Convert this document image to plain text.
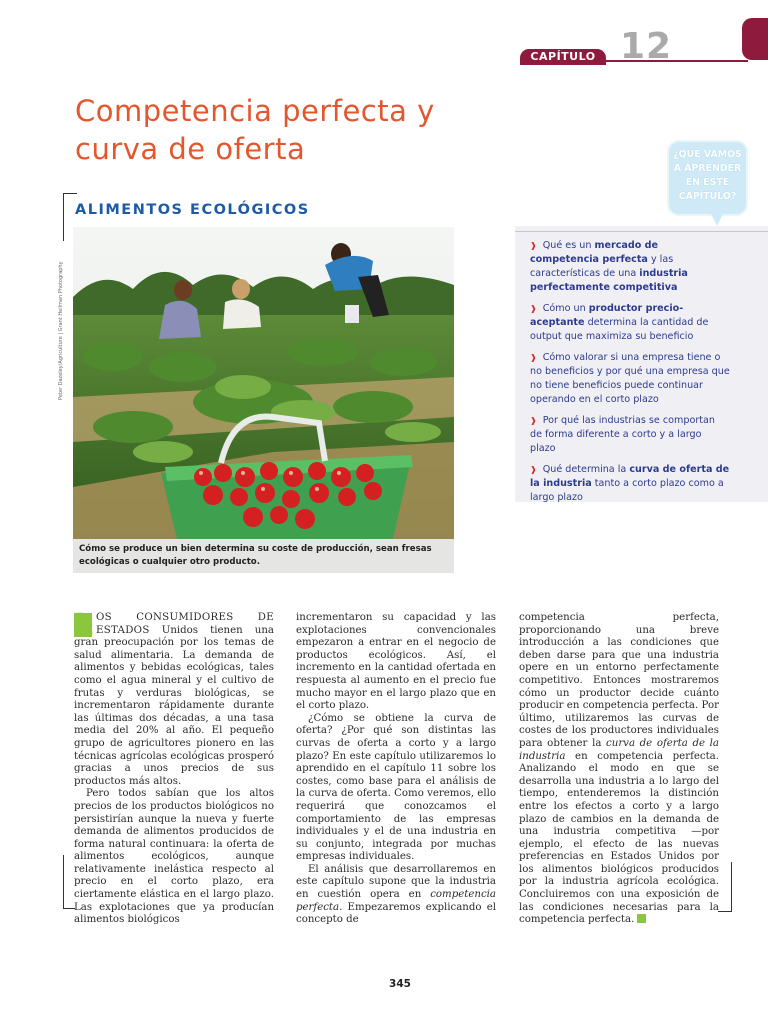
CAPÍTULO 12
Competencia perfecta y
curva de oferta
ALIMENTOS ECOLÓGICOS
Peter Dazeley/Agriculture | Grant Heilman Photography
Cómo se produce un bien determina su coste de producción, sean fresas ecológicas o cualquier otro producto.
¿QUÉ VAMOS
A APRENDER
EN ESTE
CAPÍTULO?
❱ Qué es un mercado de competencia perfecta y las características de una industria perfectamente competitiva
❱ Cómo un productor precio-aceptante determina la cantidad de output que maximiza su beneficio
❱ Cómo valorar si una empresa tiene o no beneficios y por qué una empresa que no tiene beneficios puede continuar operando en el corto plazo
❱ Por qué las industrias se comportan de forma diferente a corto y a largo plazo
❱ Qué determina la curva de oferta de la industria tanto a corto plazo como a largo plazo

L OS CONSUMIDORES DE ESTADOS Unidos tienen una gran preocupación por los temas de salud alimentaria. La demanda de alimentos y bebidas ecológicas, tales como el agua mineral y el cultivo de frutas y verduras biológicas, se incrementaron rápidamente durante las últimas dos décadas, a una tasa media del 20% al año. El pequeño grupo de agricultores pionero en las técnicas agrícolas ecológicas prosperó gracias a unos precios de sus productos más altos.

Pero todos sabían que los altos precios de los productos biológicos no persistirían aunque la nueva y fuerte demanda de alimentos producidos de forma natural continuara: la oferta de alimentos ecológicos, aunque relativamente inelástica respecto al precio en el corto plazo, era ciertamente elástica en el largo plazo. Las explotaciones que ya producían alimentos biológicos

incrementaron su capacidad y las explotaciones convencionales empezaron a entrar en el negocio de productos ecológicos. Así, el incremento en la cantidad ofertada en respuesta al aumento en el precio fue mucho mayor en el largo plazo que en el corto plazo.

¿Cómo se obtiene la curva de oferta? ¿Por qué son distintas las curvas de oferta a corto y a largo plazo? En este capítulo utilizaremos lo aprendido en el capítulo 11 sobre los costes, como base para el análisis de la curva de oferta. Como veremos, ello requerirá que conozcamos el comportamiento de las empresas individuales y el de una industria en su conjunto, integrada por muchas empresas individuales.

El análisis que desarrollaremos en este capítulo supone que la industria en cuestión opera en competencia perfecta. Empezaremos explicando el concepto de

competencia perfecta, proporcionando una breve introducción a las condiciones que deben darse para que una industria opere en un entorno perfectamente competitivo. Entonces mostraremos cómo un productor decide cuánto producir en competencia perfecta. Por último, utilizaremos las curvas de costes de los productores individuales para obtener la curva de oferta de la industria en competencia perfecta. Analizando el modo en que se desarrolla una industria a lo largo del tiempo, entenderemos la distinción entre los efectos a corto y a largo plazo de cambios en la demanda de una industria competitiva —por ejemplo, el efecto de las nuevas preferencias en Estados Unidos por los alimentos biológicos producidos por la industria agrícola ecológica. Concluiremos con una exposición de las condiciones necesarias para la competencia perfecta.

345
